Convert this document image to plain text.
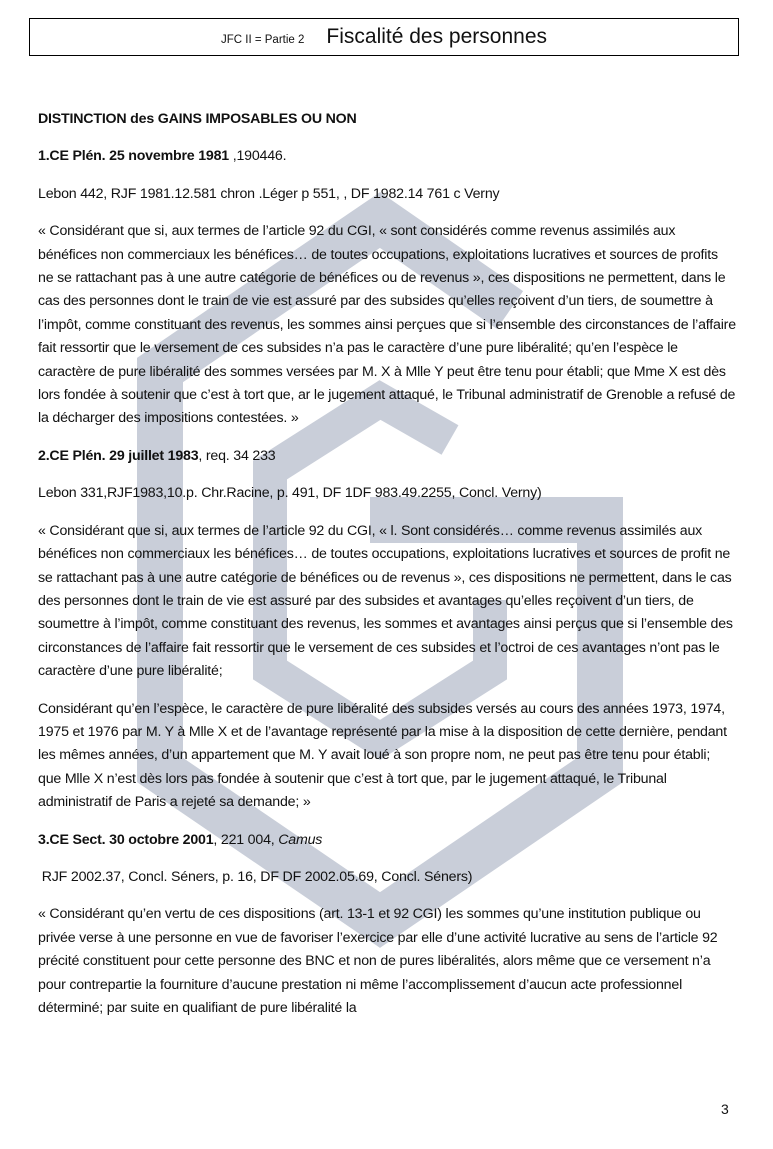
JFC II = Partie 2 Fiscalité des personnes

DISTINCTION des GAINS IMPOSABLES OU NON

1.CE Plén. 25 novembre 1981 ,190446.

Lebon 442, RJF 1981.12.581 chron .Léger p 551, , DF 1982.14 761 c Verny

« Considérant que si, aux termes de l’article 92 du CGI, « sont considérés comme revenus assimilés aux bénéfices non commerciaux les bénéfices… de toutes occupations, exploitations lucratives et sources de profits ne se rattachant pas à une autre catégorie de bénéfices ou de revenus », ces dispositions ne permettent, dans le cas des personnes dont le train de vie est assuré par des subsides qu’elles reçoivent d’un tiers, de soumettre à l’impôt, comme constituant des revenus, les sommes ainsi perçues que si l’ensemble des circonstances de l’affaire fait ressortir que le versement de ces subsides n’a pas le caractère d’une pure libéralité; qu’en l’espèce le caractère de pure libéralité des sommes versées par M. X à Mlle Y peut être tenu pour établi; que Mme X est dès lors fondée à soutenir que c’est à tort que, ar le jugement attaqué, le Tribunal administratif de Grenoble a refusé de la décharger des impositions contestées. »

2.CE Plén. 29 juillet 1983, req. 34 233

Lebon 331,RJF1983,10.p. Chr.Racine, p. 491, DF 1DF 983.49.2255, Concl. Verny)

« Considérant que si, aux termes de l’article 92 du CGI, « l. Sont considérés… comme revenus assimilés aux bénéfices non commerciaux les bénéfices… de toutes occupations, exploitations lucratives et sources de profit ne se rattachant pas à une autre catégorie de bénéfices ou de revenus », ces dispositions ne permettent, dans le cas des personnes dont le train de vie est assuré par des subsides et avantages qu’elles reçoivent d’un tiers, de soumettre à l’impôt, comme constituant des revenus, les sommes et avantages ainsi perçus que si l’ensemble des circonstances de l’affaire fait ressortir que le versement de ces subsides et l’octroi de ces avantages n’ont pas le caractère d’une pure libéralité;

Considérant qu’en l’espèce, le caractère de pure libéralité des subsides versés au cours des années 1973, 1974, 1975 et 1976 par M. Y à Mlle X et de l’avantage représenté par la mise à la disposition de cette dernière, pendant les mêmes années, d’un appartement que M. Y avait loué à son propre nom, ne peut pas être tenu pour établi; que Mlle X n’est dès lors pas fondée à soutenir que c’est à tort que, par le jugement attaqué, le Tribunal administratif de Paris a rejeté sa demande; »

3.CE Sect. 30 octobre 2001, 221 004, Camus

RJF 2002.37, Concl. Séners, p. 16, DF DF 2002.05.69, Concl. Séners)

« Considérant qu’en vertu de ces dispositions (art. 13-1 et 92 CGI) les sommes qu’une institution publique ou privée verse à une personne en vue de favoriser l’exercice par elle d’une activité lucrative au sens de l’article 92 précité constituent pour cette personne des BNC et non de pures libéralités, alors même que ce versement n’a pour contrepartie la fourniture d’aucune prestation ni même l’accomplissement d’aucun acte professionnel déterminé; par suite en qualifiant de pure libéralité la

3
